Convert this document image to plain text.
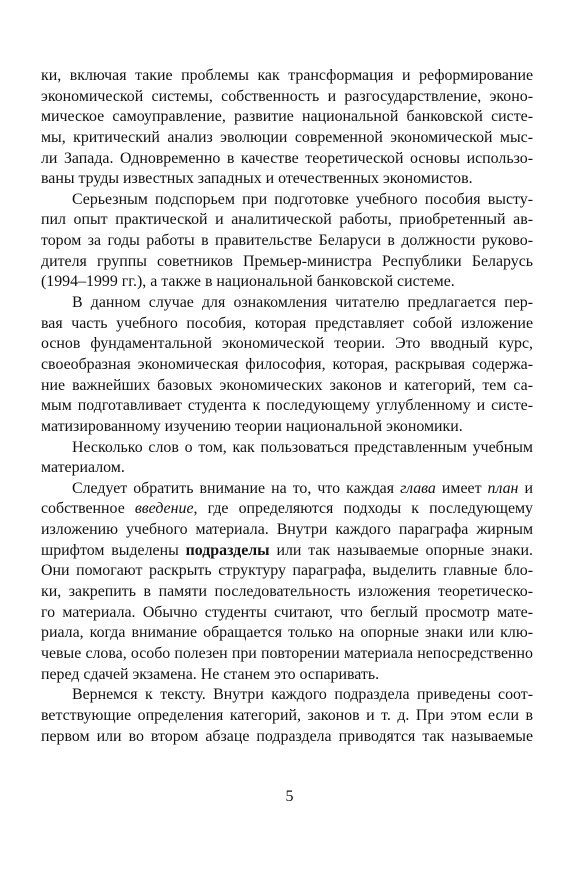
ки, включая такие проблемы как трансформация и реформирование
экономической системы, собственность и разгосударствление, эконо-
мическое самоуправление, развитие национальной банковской систе-
мы, критический анализ эволюции современной экономической мыс-
ли Запада. Одновременно в качестве теоретической основы использо-
ваны труды известных западных и отечественных экономистов.
Серьезным подспорьем при подготовке учебного пособия высту-
пил опыт практической и аналитической работы, приобретенный ав-
тором за годы работы в правительстве Беларуси в должности руково-
дителя группы советников Премьер-министра Республики Беларусь
(1994–1999 гг.), а также в национальной банковской системе.
В данном случае для ознакомления читателю предлагается пер-
вая часть учебного пособия, которая представляет собой изложение
основ фундаментальной экономической теории. Это вводный курс,
своеобразная экономическая философия, которая, раскрывая содержа-
ние важнейших базовых экономических законов и категорий, тем са-
мым подготавливает студента к последующему углубленному и систе-
матизированному изучению теории национальной экономики.
Несколько слов о том, как пользоваться представленным учебным
материалом.
Следует обратить внимание на то, что каждая глава имеет план и
собственное введение, где определяются подходы к последующему
изложению учебного материала. Внутри каждого параграфа жирным
шрифтом выделены подразделы или так называемые опорные знаки.
Они помогают раскрыть структуру параграфа, выделить главные бло-
ки, закрепить в памяти последовательность изложения теоретическо-
го материала. Обычно студенты считают, что беглый просмотр мате-
риала, когда внимание обращается только на опорные знаки или клю-
чевые слова, особо полезен при повторении материала непосредственно
перед сдачей экзамена. Не станем это оспаривать.
Вернемся к тексту. Внутри каждого подраздела приведены соот-
ветствующие определения категорий, законов и т. д. При этом если в
первом или во втором абзаце подраздела приводятся так называемые
5
